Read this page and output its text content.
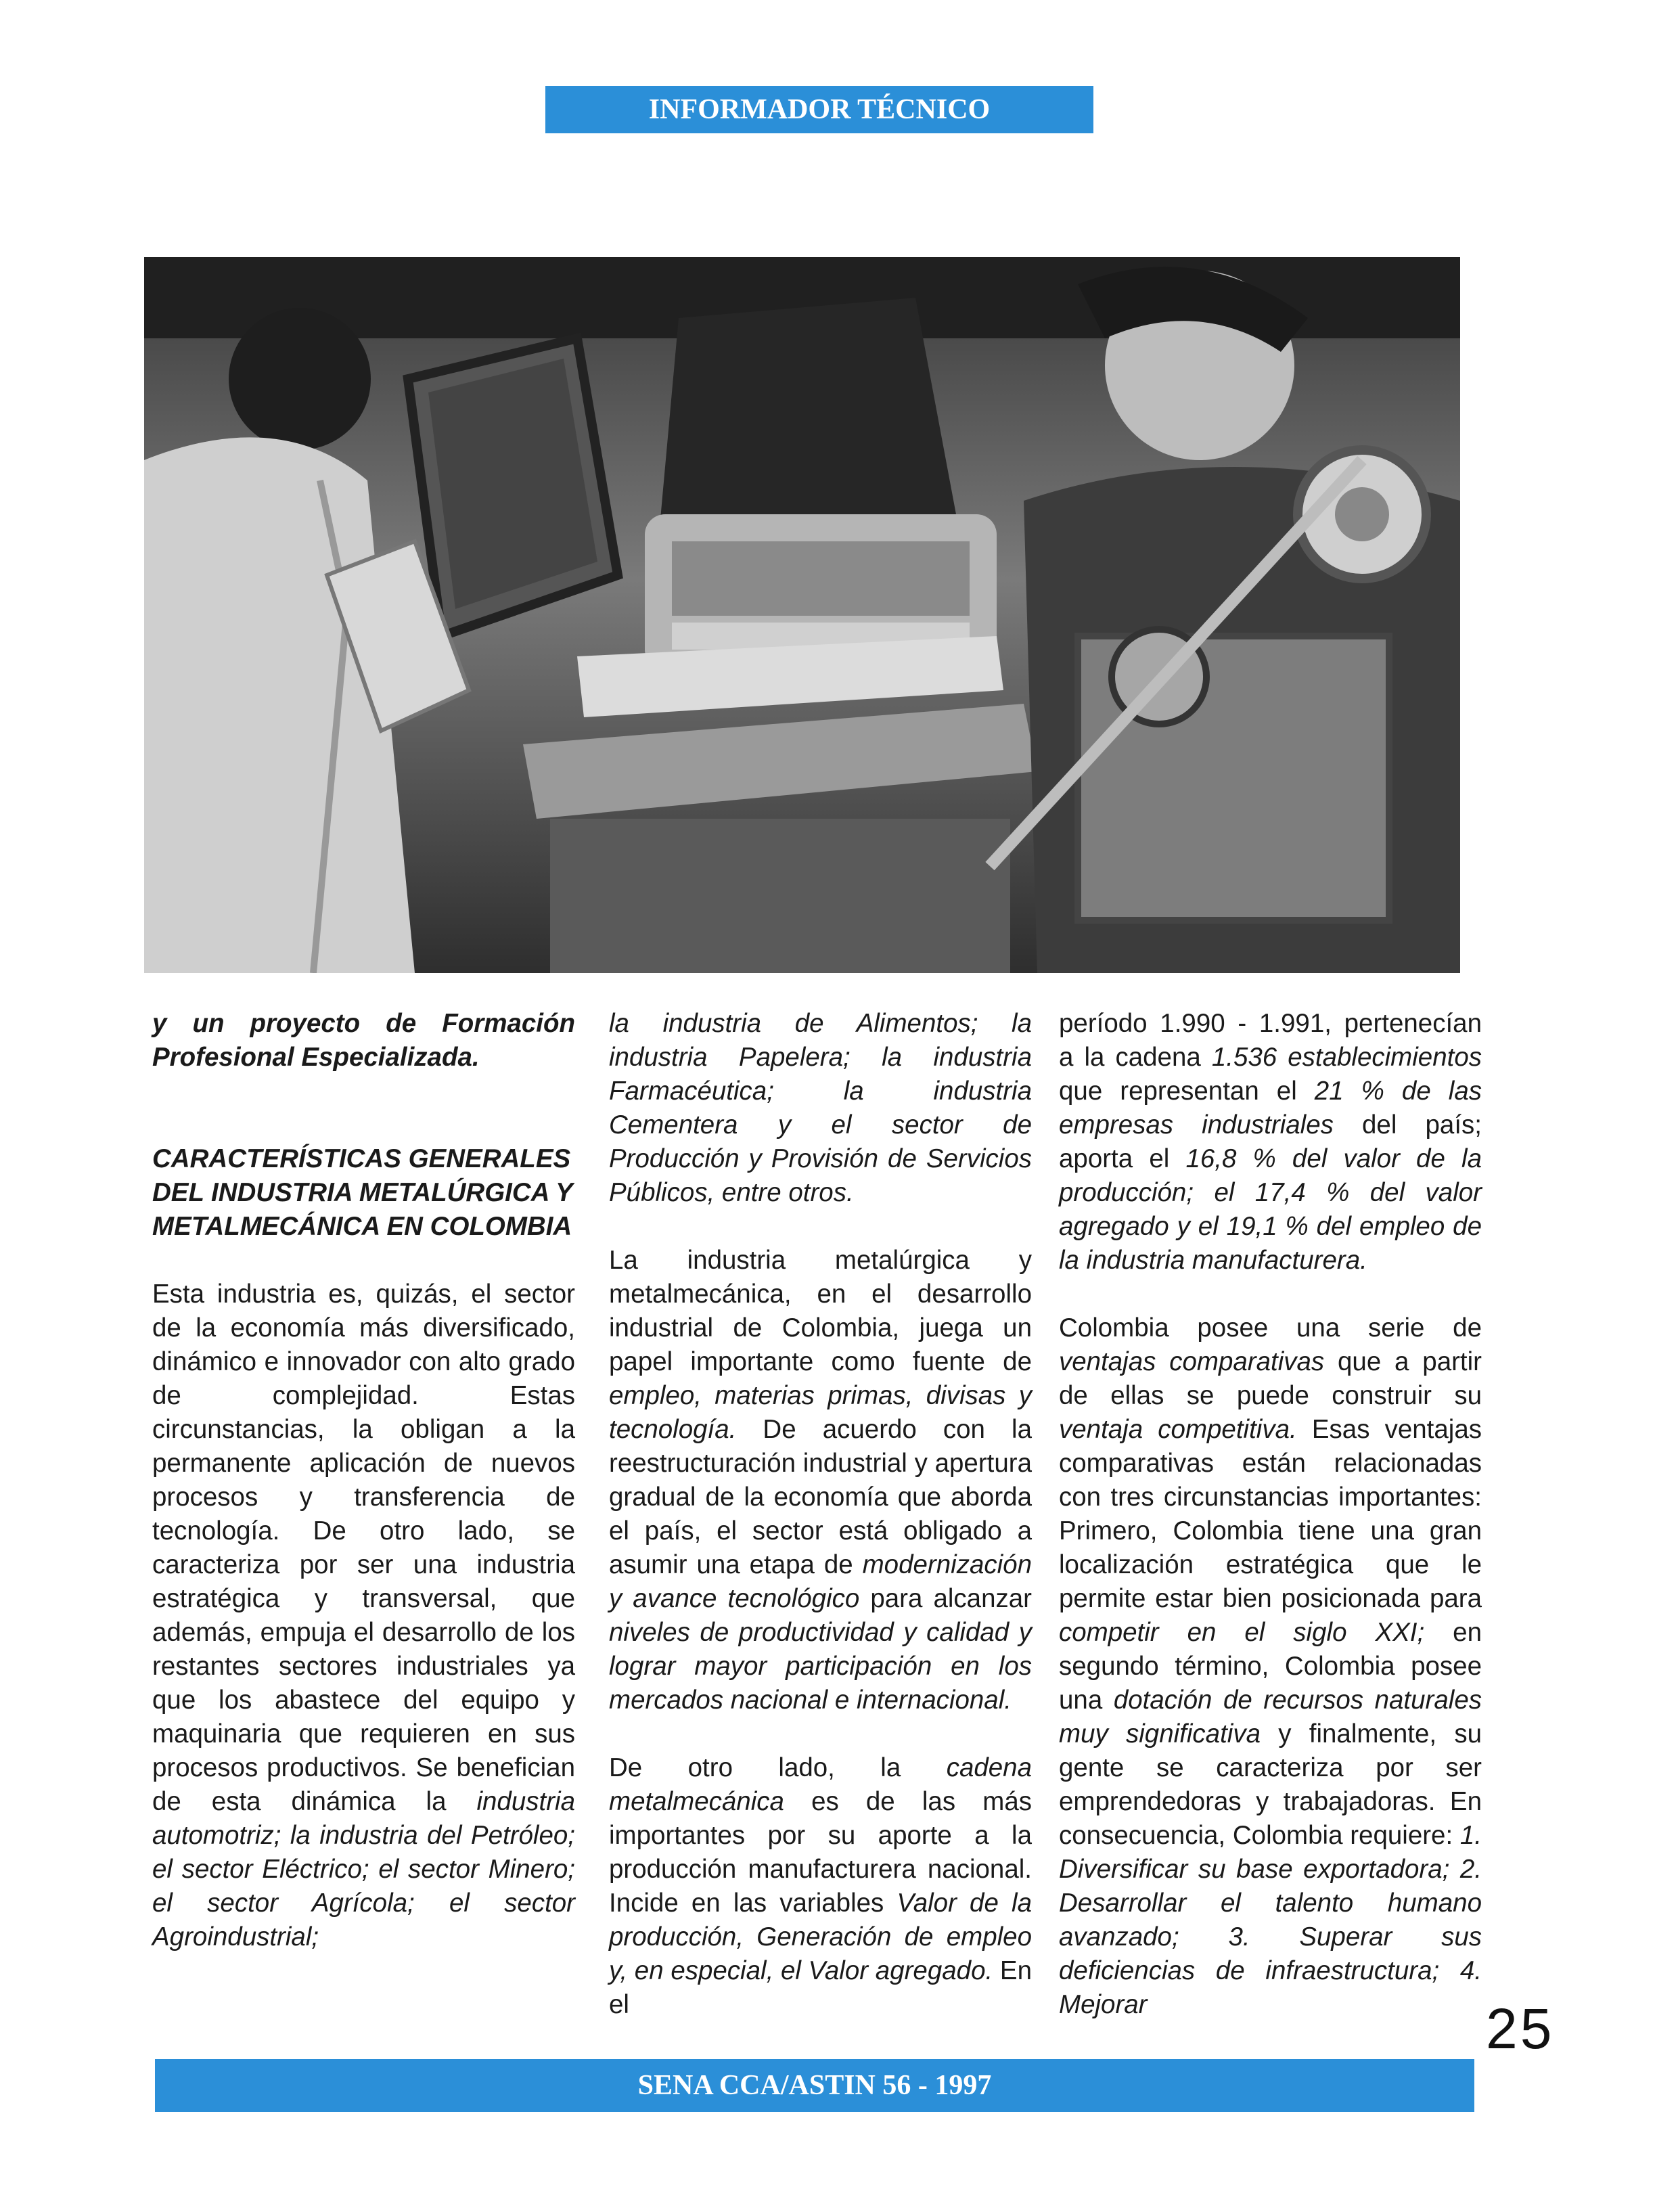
INFORMADOR TÉCNICO

y un proyecto de Formación Profesional Especializada.

CARACTERÍSTICAS GENERALES DEL INDUSTRIA METALÚRGICA Y METALMECÁNICA EN COLOMBIA

Esta industria es, quizás, el sector de la economía más diversificado, dinámico e innovador con alto grado de complejidad. Estas circunstancias, la obligan a la permanente aplicación de nuevos procesos y transferencia de tecnología. De otro lado, se caracteriza por ser una industria estratégica y transversal, que además, empuja el desarrollo de los restantes sectores industriales ya que los abastece del equipo y maquinaria que requieren en sus procesos productivos. Se benefician de esta dinámica la industria automotriz; la industria del Petróleo; el sector Eléctrico; el sector Minero; el sector Agrícola; el sector Agroindustrial;

la industria de Alimentos; la industria Papelera; la industria Farmacéutica; la industria Cementera y el sector de Producción y Provisión de Servicios Públicos, entre otros.

La industria metalúrgica y metalmecánica, en el desarrollo industrial de Colombia, juega un papel importante como fuente de empleo, materias primas, divisas y tecnología. De acuerdo con la reestructuración industrial y apertura gradual de la economía que aborda el país, el sector está obligado a asumir una etapa de modernización y avance tecnológico para alcanzar niveles de productividad y calidad y lograr mayor participación en los mercados nacional e internacional.

De otro lado, la cadena metalmecánica es de las más importantes por su aporte a la producción manufacturera nacional. Incide en las variables Valor de la producción, Generación de empleo y, en especial, el Valor agregado. En el

período 1.990 - 1.991, pertenecían a la cadena 1.536 establecimientos que representan el 21 % de las empresas industriales del país; aporta el 16,8 % del valor de la producción; el 17,4 % del valor agregado y el 19,1 % del empleo de la industria manufacturera.

Colombia posee una serie de ventajas comparativas que a partir de ellas se puede construir su ventaja competitiva. Esas ventajas comparativas están relacionadas con tres circunstancias importantes: Primero, Colombia tiene una gran localización estratégica que le permite estar bien posicionada para competir en el siglo XXI; en segundo término, Colombia posee una dotación de recursos naturales muy significativa y finalmente, su gente se caracteriza por ser emprendedoras y trabajadoras. En consecuencia, Colombia requiere: 1. Diversificar su base exportadora; 2. Desarrollar el talento humano avanzado; 3. Superar sus deficiencias de infraestructura; 4. Mejorar

SENA CCA/ASTIN 56 - 1997
25
